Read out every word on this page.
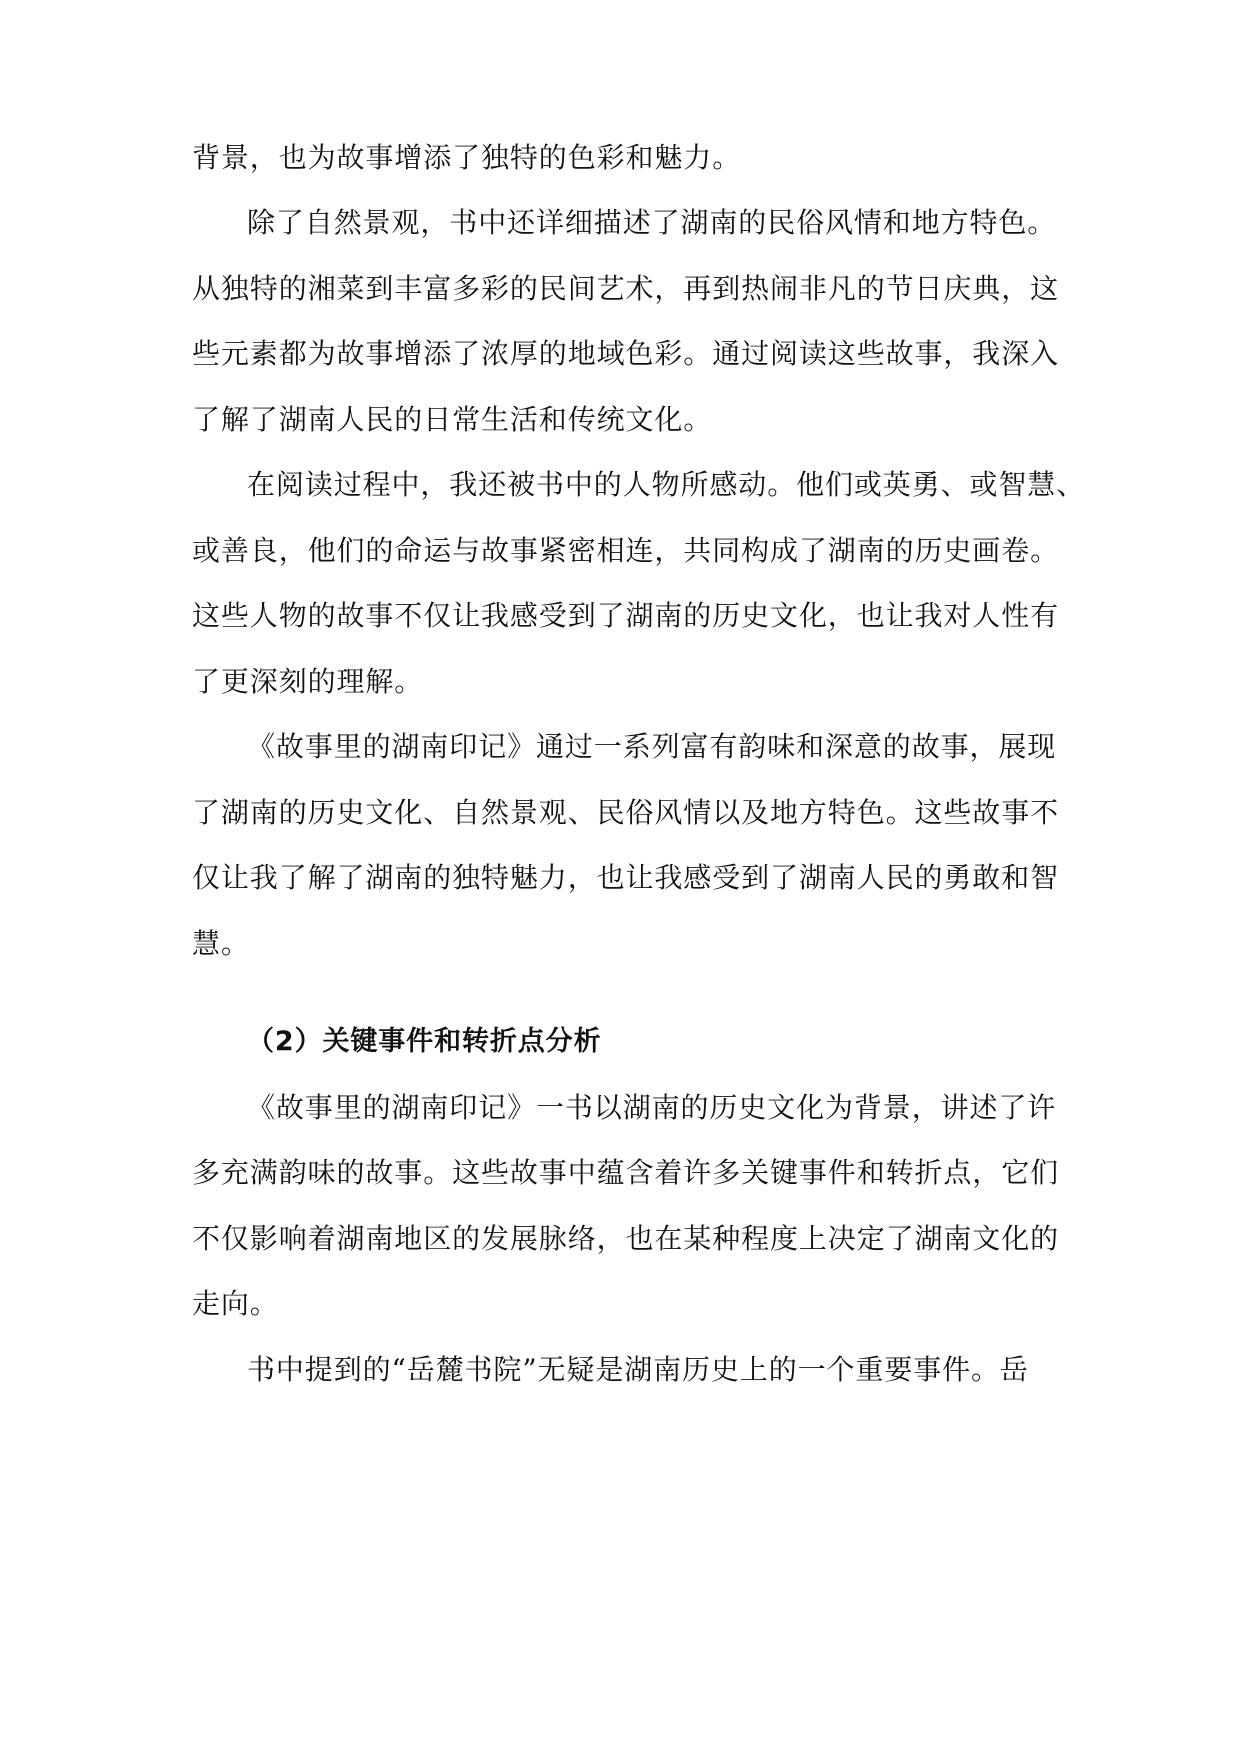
背景，也为故事增添了独特的色彩和魅力。
除了自然景观，书中还详细描述了湖南的民俗风情和地方特色。
从独特的湘菜到丰富多彩的民间艺术，再到热闹非凡的节日庆典，这
些元素都为故事增添了浓厚的地域色彩。通过阅读这些故事，我深入
了解了湖南人民的日常生活和传统文化。
在阅读过程中，我还被书中的人物所感动。他们或英勇、或智慧、
或善良，他们的命运与故事紧密相连，共同构成了湖南的历史画卷。
这些人物的故事不仅让我感受到了湖南的历史文化，也让我对人性有
了更深刻的理解。
《故事里的湖南印记》通过一系列富有韵味和深意的故事，展现
了湖南的历史文化、自然景观、民俗风情以及地方特色。这些故事不
仅让我了解了湖南的独特魅力，也让我感受到了湖南人民的勇敢和智
慧。
（2）关键事件和转折点分析
《故事里的湖南印记》一书以湖南的历史文化为背景，讲述了许
多充满韵味的故事。这些故事中蕴含着许多关键事件和转折点，它们
不仅影响着湖南地区的发展脉络，也在某种程度上决定了湖南文化的
走向。
书中提到的“岳麓书院”无疑是湖南历史上的一个重要事件。岳
